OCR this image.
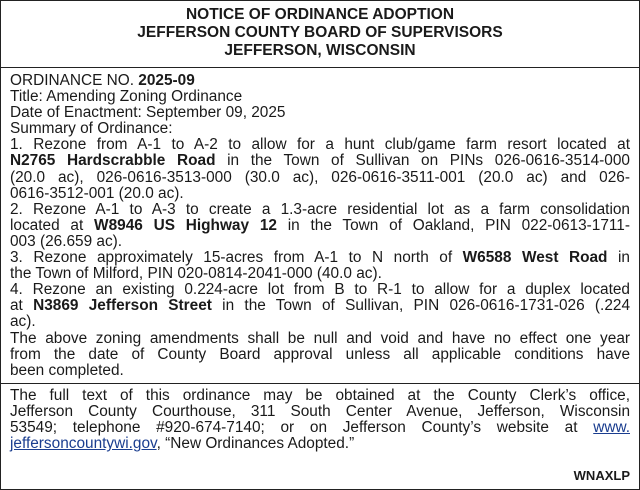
NOTICE OF ORDINANCE ADOPTION
JEFFERSON COUNTY BOARD OF SUPERVISORS
JEFFERSON, WISCONSIN
ORDINANCE NO. 2025-09
Title: Amending Zoning Ordinance
Date of Enactment: September 09, 2025
Summary of Ordinance:
1. Rezone from A-1 to A-2 to allow for a hunt club/game farm resort located at
N2765 Hardscrabble Road in the Town of Sullivan on PINs 026-0616-3514-000
(20.0 ac), 026-0616-3513-000 (30.0 ac), 026-0616-3511-001 (20.0 ac) and 026-
0616-3512-001 (20.0 ac).
2. Rezone A-1 to A-3 to create a 1.3-acre residential lot as a farm consolidation
located at W8946 US Highway 12 in the Town of Oakland, PIN 022-0613-1711-
003 (26.659 ac).
3. Rezone approximately 15-acres from A-1 to N north of W6588 West Road in
the Town of Milford, PIN 020-0814-2041-000 (40.0 ac).
4. Rezone an existing 0.224-acre lot from B to R-1 to allow for a duplex located
at N3869 Jefferson Street in the Town of Sullivan, PIN 026-0616-1731-026 (.224
ac).
The above zoning amendments shall be null and void and have no effect one year
from the date of County Board approval unless all applicable conditions have
been completed.
The full text of this ordinance may be obtained at the County Clerk’s office,
Jefferson County Courthouse, 311 South Center Avenue, Jefferson, Wisconsin
53549; telephone #920-674-7140; or on Jefferson County’s website at www.
jeffersoncountywi.gov, “New Ordinances Adopted.”
WNAXLP
